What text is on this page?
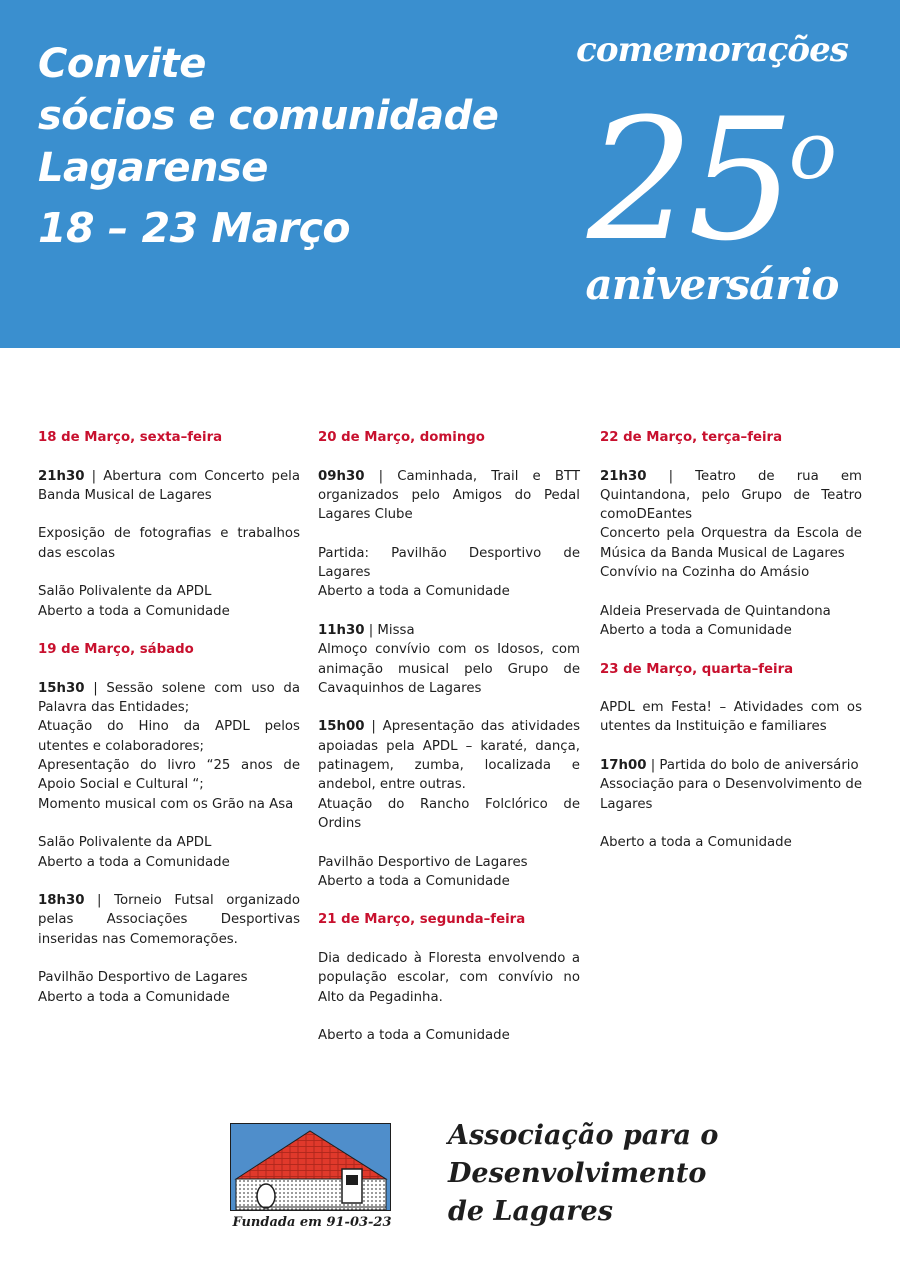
Convite
sócios e comunidade
Lagarense
18 – 23 Março
comemorações
25$^o$
aniversário
18 de Março, sexta–feira
21h30 | Abertura com Concerto pela Banda Musical de Lagares
Exposição de fotografias e trabalhos das escolas
Salão Polivalente da APDL
Aberto a toda a Comunidade
19 de Março, sábado
15h30 | Sessão solene com uso da Palavra das Entidades;
Atuação do Hino da APDL pelos utentes e colaboradores;
Apresentação do livro “25 anos de Apoio Social e Cultural “;
Momento musical com os Grão na Asa
Salão Polivalente da APDL
Aberto a toda a Comunidade
18h30 | Torneio Futsal organizado pelas Associações Desportivas inseridas nas Comemorações.
Pavilhão Desportivo de Lagares
Aberto a toda a Comunidade
20 de Março, domingo
09h30 | Caminhada, Trail e BTT organizados pelo Amigos do Pedal Lagares Clube
Partida: Pavilhão Desportivo de Lagares
Aberto a toda a Comunidade
11h30 | Missa
Almoço convívio com os Idosos, com animação musical pelo Grupo de Cavaquinhos de Lagares
15h00 | Apresentação das atividades apoiadas pela APDL – karaté, dança, patinagem, zumba, localizada e andebol, entre outras.
Atuação do Rancho Folclórico de Ordins
Pavilhão Desportivo de Lagares
Aberto a toda a Comunidade
21 de Março, segunda–feira
Dia dedicado à Floresta envolvendo a população escolar, com convívio no Alto da Pegadinha.
Aberto a toda a Comunidade
22 de Março, terça–feira
21h30 | Teatro de rua em Quintandona, pelo Grupo de Teatro comoDEantes
Concerto pela Orquestra da Escola de Música da Banda Musical de Lagares
Convívio na Cozinha do Amásio
Aldeia Preservada de Quintandona
Aberto a toda a Comunidade
23 de Março, quarta–feira
APDL em Festa! – Atividades com os utentes da Instituição e familiares
17h00 | Partida do bolo de aniversário
Associação para o Desenvolvimento de Lagares
Aberto a toda a Comunidade
Fundada em 91-03-23
Associação para o
Desenvolvimento
de Lagares
